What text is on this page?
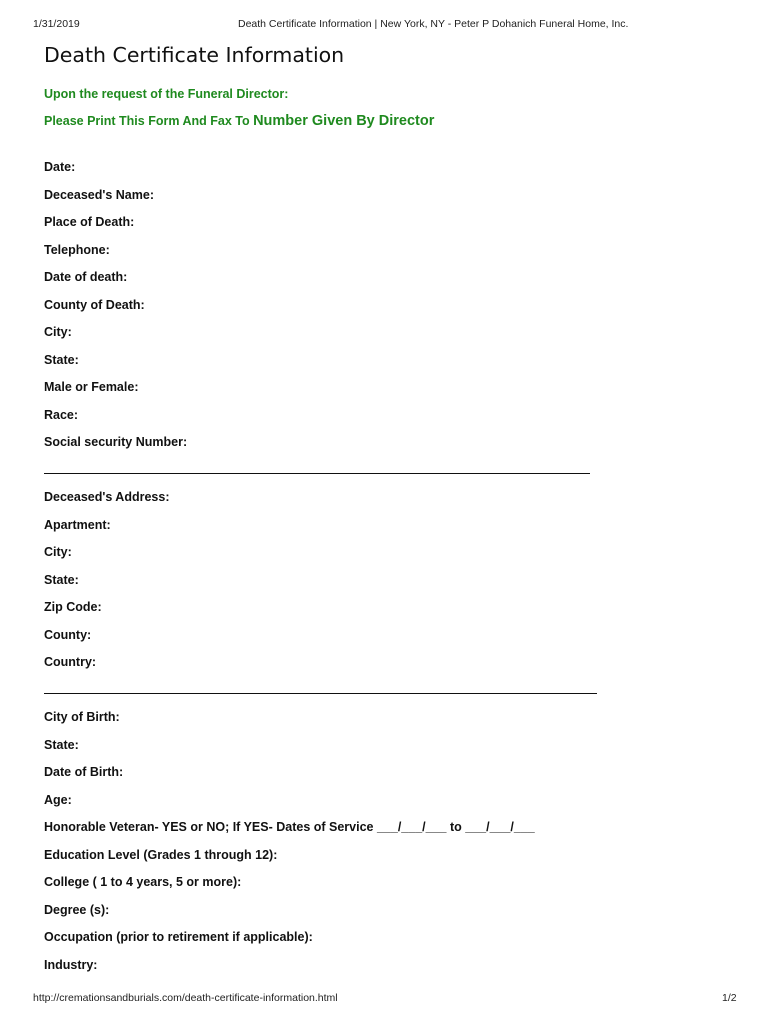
1/31/2019	Death Certificate Information | New York, NY - Peter P Dohanich Funeral Home, Inc.
Death Certificate Information
Upon the request of the Funeral Director:
Please Print This Form And Fax To Number Given By Director
Date:
Deceased's Name:
Place of Death:
Telephone:
Date of death:
County of Death:
City:
State:
Male or Female:
Race:
Social security Number:
Deceased's Address:
Apartment:
City:
State:
Zip Code:
County:
Country:
City of Birth:
State:
Date of Birth:
Age:
Honorable Veteran- YES or NO; If YES- Dates of Service ___/___/___ to ___/___/___
Education Level (Grades 1 through 12):
College ( 1 to 4 years, 5 or more):
Degree (s):
Occupation (prior to retirement if applicable):
Industry:
http://cremationsandburials.com/death-certificate-information.html	1/2
